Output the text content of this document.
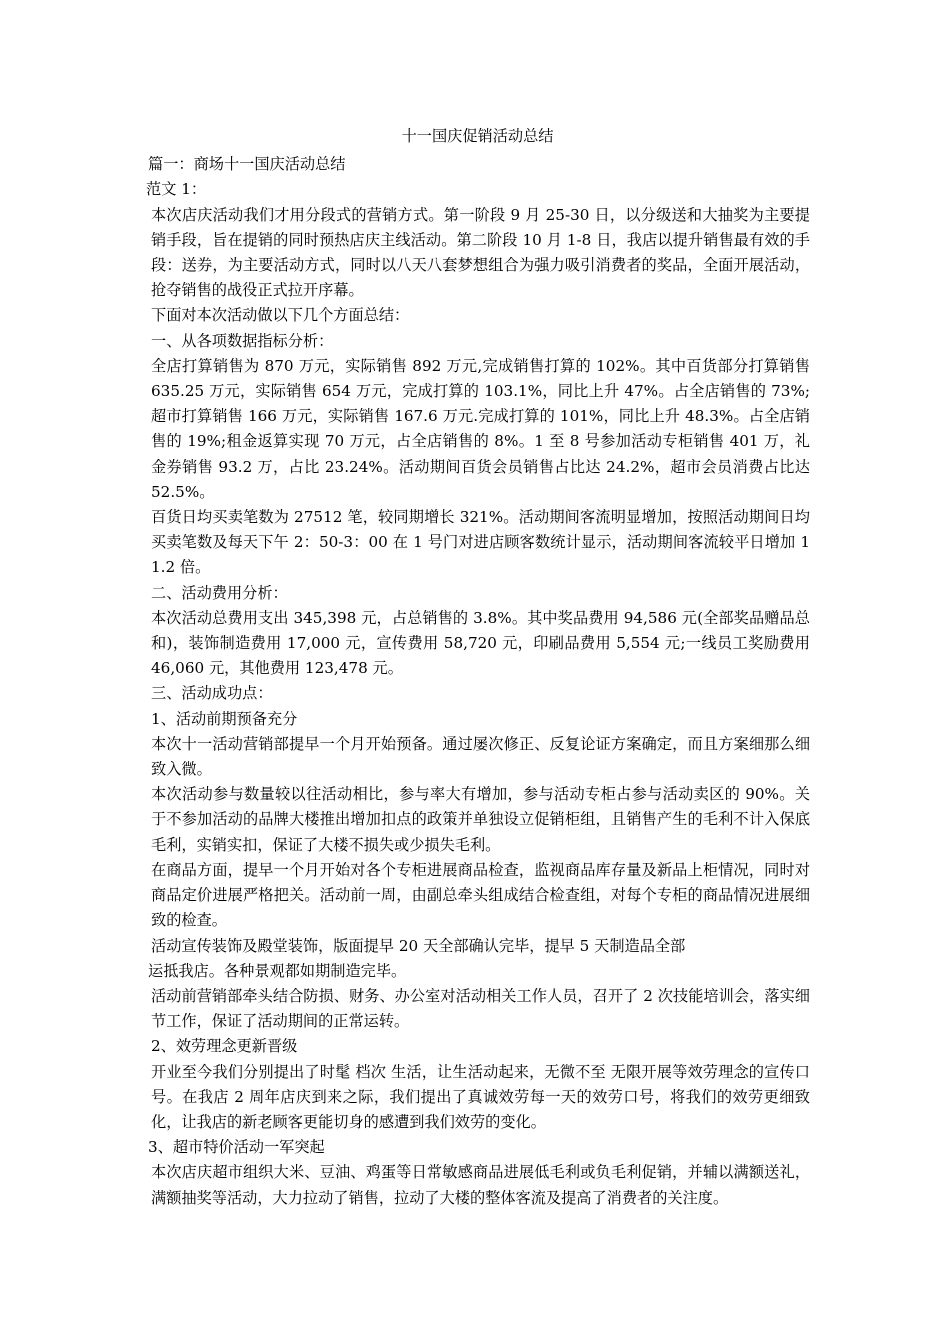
十一国庆促销活动总结
篇一：商场十一国庆活动总结
范文 1：
本次店庆活动我们才用分段式的营销方式。第一阶段 9 月 25-30 日，以分级送和大抽奖为主要提销手段，旨在提销的同时预热店庆主线活动。第二阶段 10 月 1-8 日，我店以提升销售最有效的手段：送券，为主要活动方式，同时以八天八套梦想组合为强力吸引消费者的奖品，全面开展活动，抢夺销售的战役正式拉开序幕。
下面对本次活动做以下几个方面总结：
一、从各项数据指标分析：
全店打算销售为 870 万元，实际销售 892 万元,完成销售打算的 102%。其中百货部分打算销售 635.25 万元，实际销售 654 万元，完成打算的 103.1%，同比上升 47%。占全店销售的 73%;超市打算销售 166 万元，实际销售 167.6 万元.完成打算的 101%，同比上升 48.3%。占全店销售的 19%;租金返算实现 70 万元，占全店销售的 8%。1 至 8 号参加活动专柜销售 401 万，礼金券销售 93.2 万，占比 23.24%。活动期间百货会员销售占比达 24.2%，超市会员消费占比达 52.5%。
百货日均买卖笔数为 27512 笔，较同期增长 321%。活动期间客流明显增加，按照活动期间日均买卖笔数及每天下午 2：50-3：00 在 1 号门对进店顾客数统计显示，活动期间客流较平日增加 11.2 倍。
二、活动费用分析：
本次活动总费用支出 345,398 元，占总销售的 3.8%。其中奖品费用 94,586 元(全部奖品赠品总和)，装饰制造费用 17,000 元，宣传费用 58,720 元，印刷品费用 5,554 元;一线员工奖励费用 46,060 元，其他费用 123,478 元。
三、活动成功点：
1、活动前期预备充分
本次十一活动营销部提早一个月开始预备。通过屡次修正、反复论证方案确定，而且方案细那么细致入微。
本次活动参与数量较以往活动相比，参与率大有增加，参与活动专柜占参与活动卖区的 90%。关于不参加活动的品牌大楼推出增加扣点的政策并单独设立促销柜组，且销售产生的毛利不计入保底毛利，实销实扣，保证了大楼不损失或少损失毛利。
在商品方面，提早一个月开始对各个专柜进展商品检查，监视商品库存量及新品上柜情况，同时对商品定价进展严格把关。活动前一周，由副总牵头组成结合检查组，对每个专柜的商品情况进展细致的检查。
活动宣传装饰及殿堂装饰，版面提早 20 天全部确认完毕，提早 5 天制造品全部
运抵我店。各种景观都如期制造完毕。
活动前营销部牵头结合防损、财务、办公室对活动相关工作人员，召开了 2 次技能培训会，落实细节工作，保证了活动期间的正常运转。
2、效劳理念更新晋级
开业至今我们分别提出了时髦 档次 生活，让生活动起来，无微不至 无限开展等效劳理念的宣传口号。在我店 2 周年店庆到来之际，我们提出了真诚效劳每一天的效劳口号，将我们的效劳更细致化，让我店的新老顾客更能切身的感遭到我们效劳的变化。
3、超市特价活动一军突起
本次店庆超市组织大米、豆油、鸡蛋等日常敏感商品进展低毛利或负毛利促销，并辅以满额送礼，满额抽奖等活动，大力拉动了销售，拉动了大楼的整体客流及提高了消费者的关注度。
